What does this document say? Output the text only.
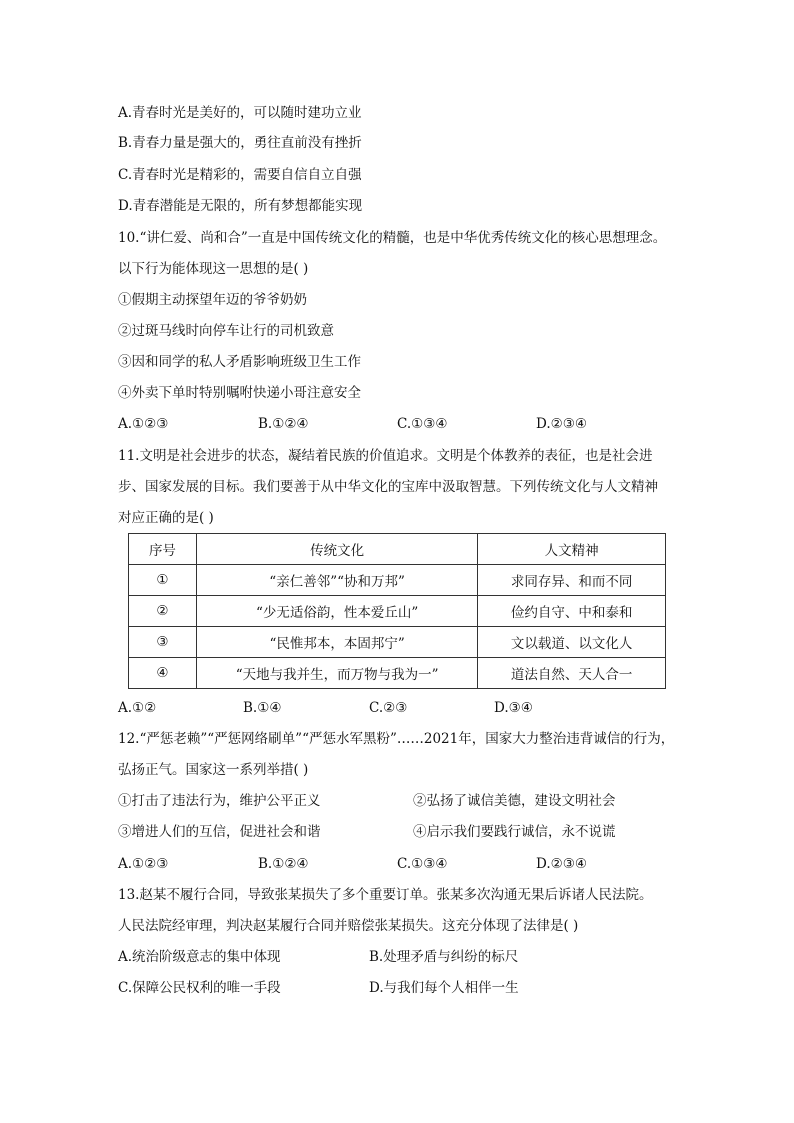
A.青春时光是美好的，可以随时建功立业
B.青春力量是强大的，勇往直前没有挫折
C.青春时光是精彩的，需要自信自立自强
D.青春潜能是无限的，所有梦想都能实现
10.“讲仁爱、尚和合”一直是中国传统文化的精髓，也是中华优秀传统文化的核心思想理念。
以下行为能体现这一思想的是( )
①假期主动探望年迈的爷爷奶奶
②过斑马线时向停车让行的司机致意
③因和同学的私人矛盾影响班级卫生工作
④外卖下单时特别嘱咐快递小哥注意安全
A.①②③	B.①②④	C.①③④	D.②③④
11.文明是社会进步的状态，凝结着民族的价值追求。文明是个体教养的表征，也是社会进
步、国家发展的目标。我们要善于从中华文化的宝库中汲取智慧。下列传统文化与人文精神
对应正确的是( )
序号	传统文化	人文精神
①	“亲仁善邻”“协和万邦”	求同存异、和而不同
②	“少无适俗韵，性本爱丘山”	俭约自守、中和泰和
③	“民惟邦本，本固邦宁”	文以载道、以文化人
④	“天地与我并生，而万物与我为一”	道法自然、天人合一
A.①②	B.①④	C.②③	D.③④
12.“严惩老赖”“严惩网络刷单”“严惩水军黑粉”……2021年，国家大力整治违背诚信的行为，
弘扬正气。国家这一系列举措( )
①打击了违法行为，维护公平正义	②弘扬了诚信美德，建设文明社会
③增进人们的互信，促进社会和谐	④启示我们要践行诚信，永不说谎
A.①②③	B.①②④	C.①③④	D.②③④
13.赵某不履行合同，导致张某损失了多个重要订单。张某多次沟通无果后诉诸人民法院。
人民法院经审理，判决赵某履行合同并赔偿张某损失。这充分体现了法律是( )
A.统治阶级意志的集中体现	B.处理矛盾与纠纷的标尺
C.保障公民权利的唯一手段	D.与我们每个人相伴一生
